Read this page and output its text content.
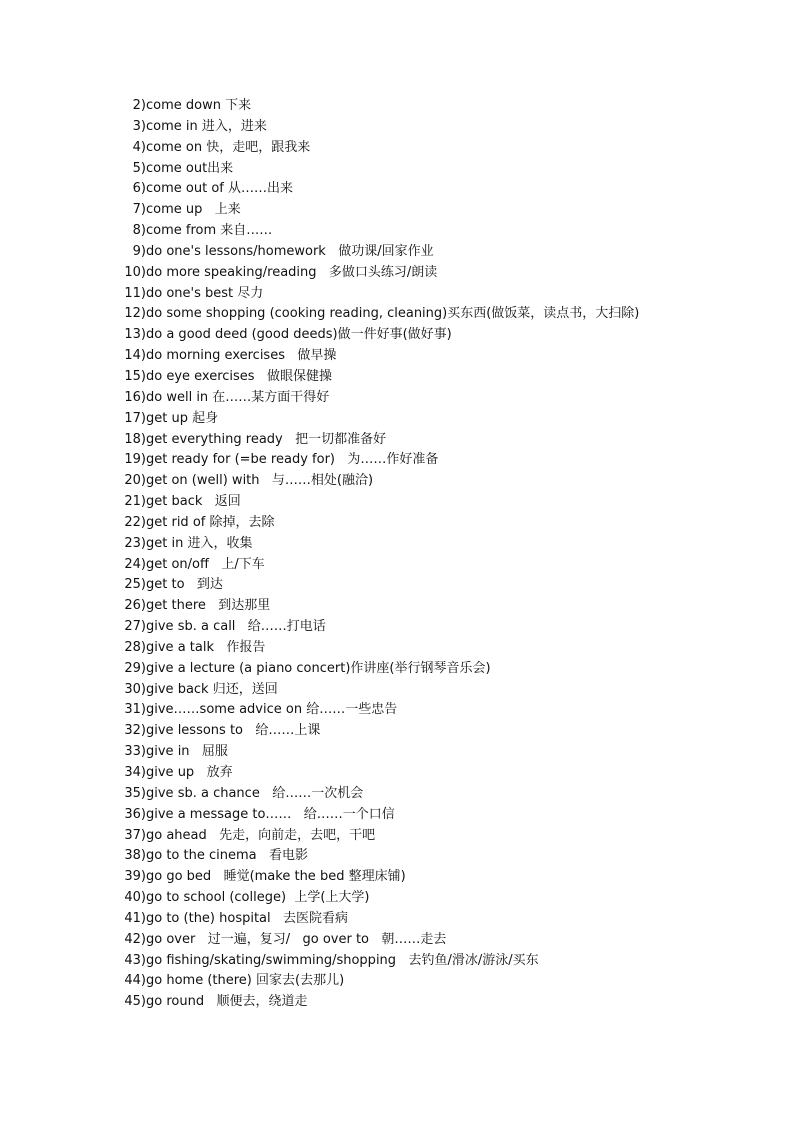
2) come down 下来
3) come in 进入，进来
4) come on 快，走吧，跟我来
5) come out出来
6) come out of 从……出来
7) come up   上来
8) come from 来自……
9) do one's lessons/homework   做功课/回家作业
10) do more speaking/reading   多做口头练习/朗读
11) do one's best 尽力
12) do some shopping (cooking reading, cleaning)买东西(做饭菜，读点书，大扫除)
13) do a good deed (good deeds)做一件好事(做好事)
14) do morning exercises   做早操
15) do eye exercises   做眼保健操
16) do well in 在……某方面干得好
17) get up 起身
18) get everything ready   把一切都准备好
19) get ready for (=be ready for)   为……作好准备
20) get on (well) with   与……相处(融洽)
21) get back   返回
22) get rid of 除掉，去除
23) get in 进入，收集
24) get on/off   上/下车
25) get to   到达
26) get there   到达那里
27) give sb. a call   给……打电话
28) give a talk   作报告
29) give a lecture (a piano concert)作讲座(举行钢琴音乐会)
30) give back 归还，送回
31) give……some advice on 给……一些忠告
32) give lessons to   给……上课
33) give in   屈服
34) give up   放弃
35) give sb. a chance   给……一次机会
36) give a message to……   给……一个口信
37) go ahead   先走，向前走，去吧，干吧
38) go to the cinema   看电影
39) go go bed   睡觉(make the bed 整理床铺)
40) go to school (college)  上学(上大学)
41) go to (the) hospital   去医院看病
42) go over   过一遍，复习/   go over to   朝……走去
43) go fishing/skating/swimming/shopping   去钓鱼/滑冰/游泳/买东
44) go home (there) 回家去(去那儿)
45) go round   顺便去，绕道走
